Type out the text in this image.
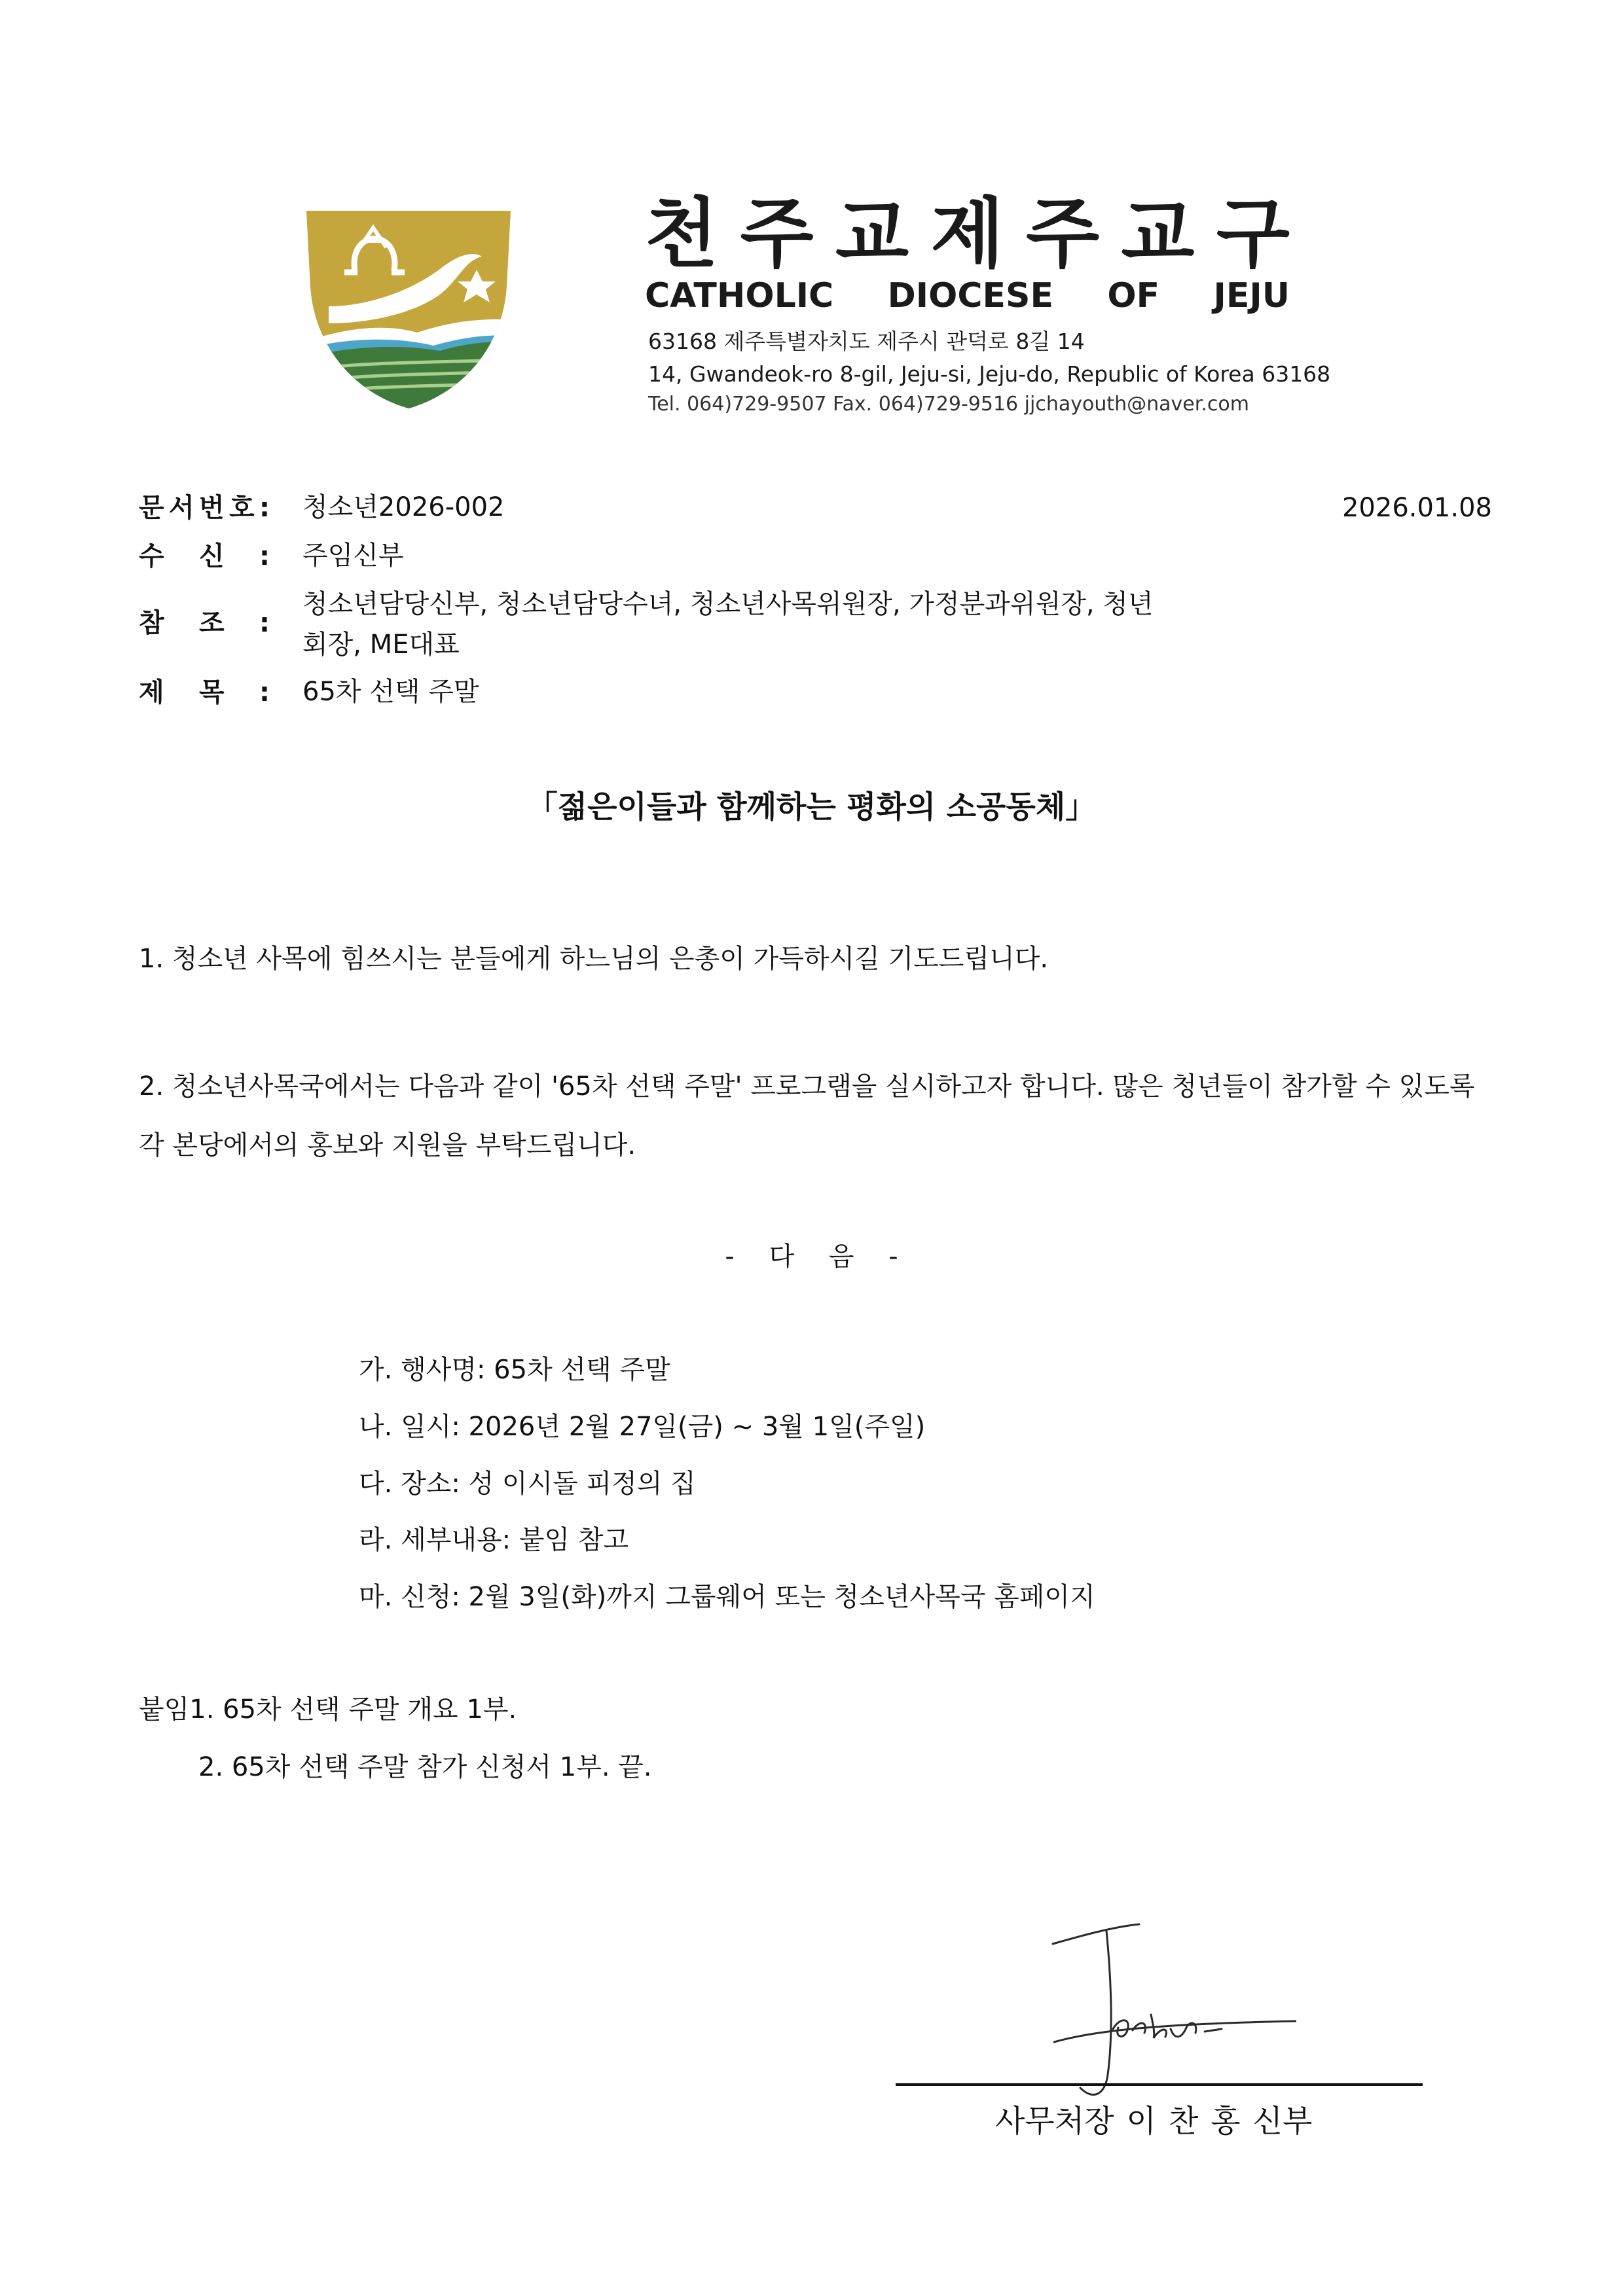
천 주 교 제 주 교 구
CATHOLIC DIOCESE OF JEJU
63168 제주특별자치도 제주시 관덕로 8길 14
14, Gwandeok-ro 8-gil, Jeju-si, Jeju-do, Republic of Korea 63168
Tel. 064)729-9507 Fax. 064)729-9516 jjchayouth@naver.com
문 서 번 호 : 청소년2026-002	2026.01.08
수 신 : 주임신부
참 조 :
청소년담당신부, 청소년담당수녀, 청소년사목위원장, 가정분과위원장, 청년
회장, ME대표
제 목 : 65차 선택 주말
「젊은이들과 함께하는 평화의 소공동체」
1. 청소년 사목에 힘쓰시는 분들에게 하느님의 은총이 가득하시길 기도드립니다.
2. 청소년사목국에서는 다음과 같이 '65차 선택 주말' 프로그램을 실시하고자 합니다. 많은 청년들이 참가할 수 있도록 각 본당에서의 홍보와 지원을 부탁드립니다.
- 다 음 -
가. 행사명: 65차 선택 주말
나. 일시: 2026년 2월 27일(금) ~ 3월 1일(주일)
다. 장소: 성 이시돌 피정의 집
라. 세부내용: 붙임 참고
마. 신청: 2월 3일(화)까지 그룹웨어 또는 청소년사목국 홈페이지
붙임1. 65차 선택 주말 개요 1부.
2. 65차 선택 주말 참가 신청서 1부. 끝.
사무처장 이 찬 홍 신부
